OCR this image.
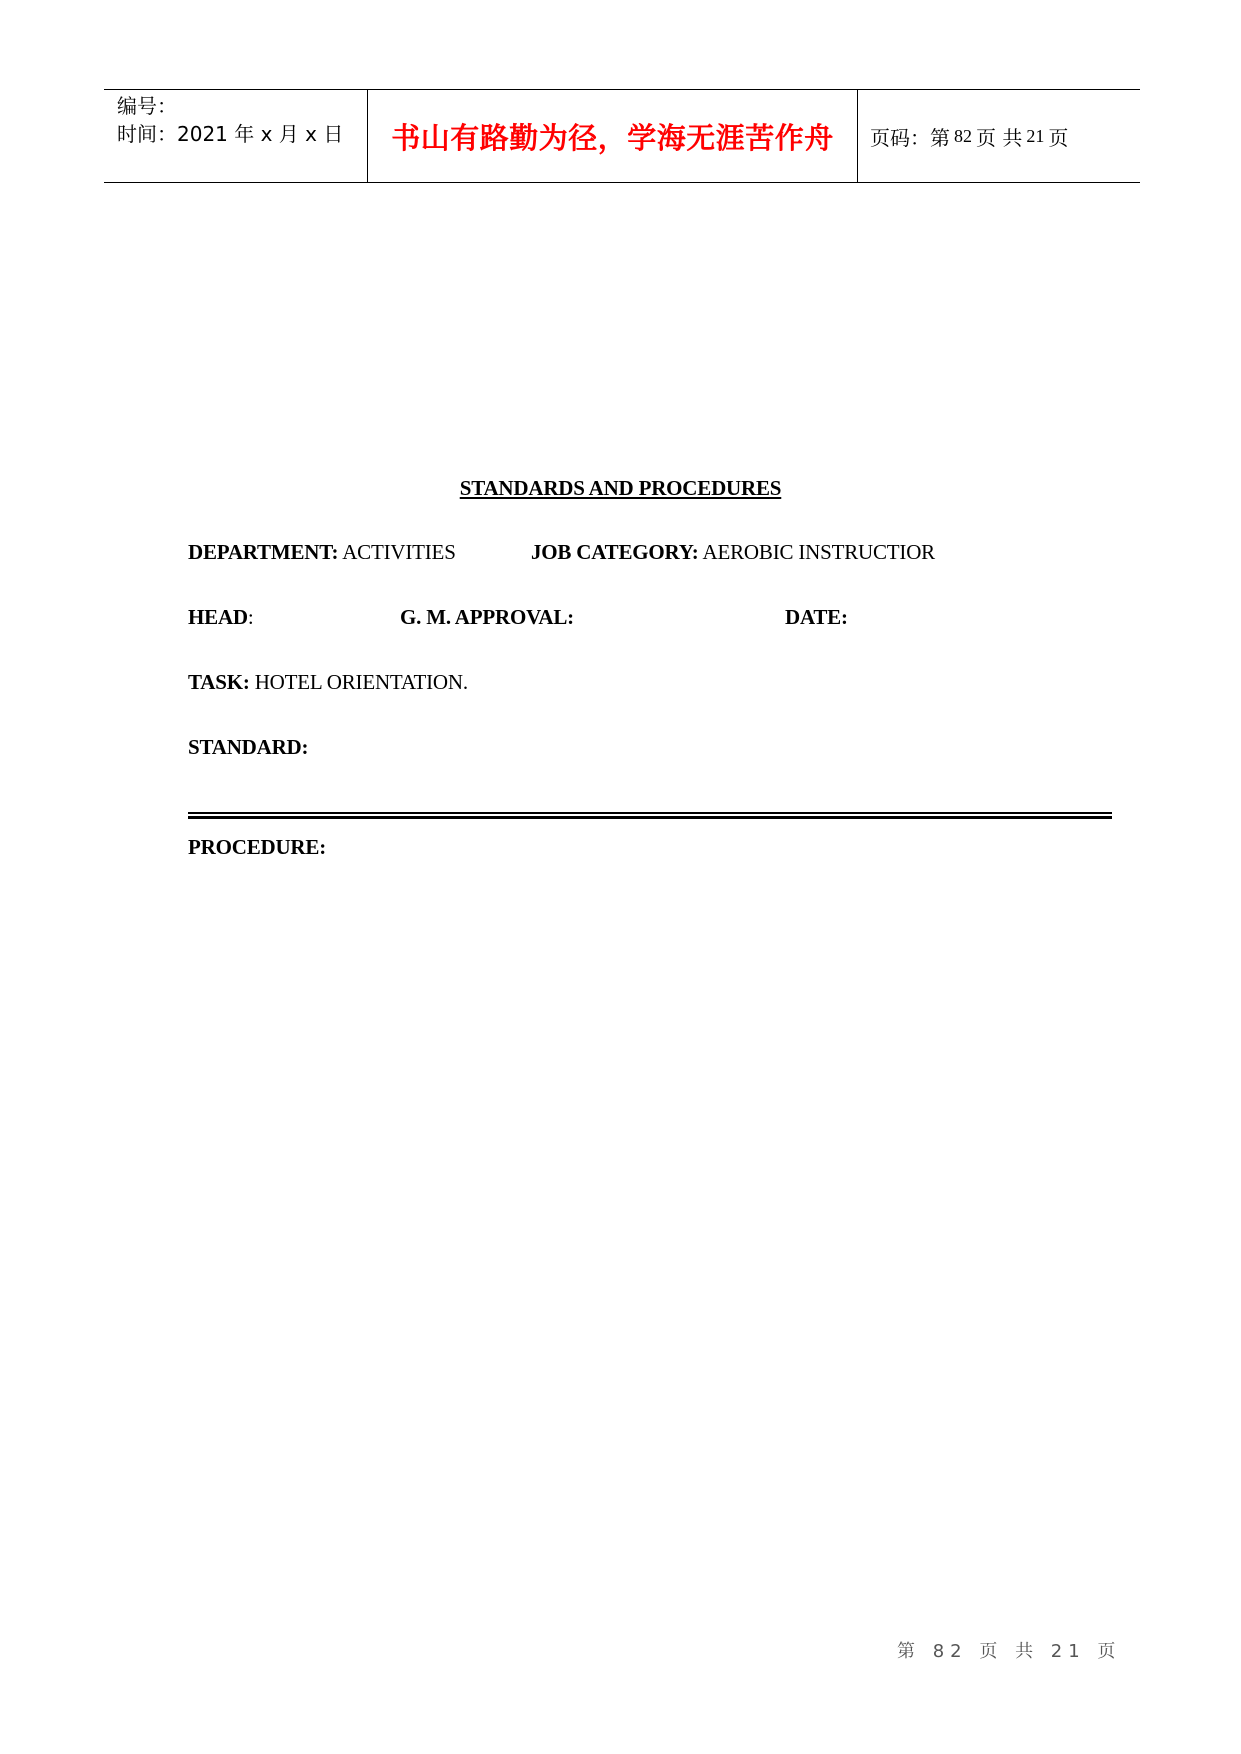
编号：
时间：2021 年 x 月 x 日	书山有路勤为径，学海无涯苦作舟 页码：第 82 页 共 21 页
STANDARDS AND PROCEDURES
DEPARTMENT: ACTIVITIES	JOB CATEGORY: AEROBIC INSTRUCTIOR
HEAD:	G. M. APPROVAL:	DATE:
TASK: HOTEL ORIENTATION.
STANDARD:
PROCEDURE:
第 82 页 共 21 页
